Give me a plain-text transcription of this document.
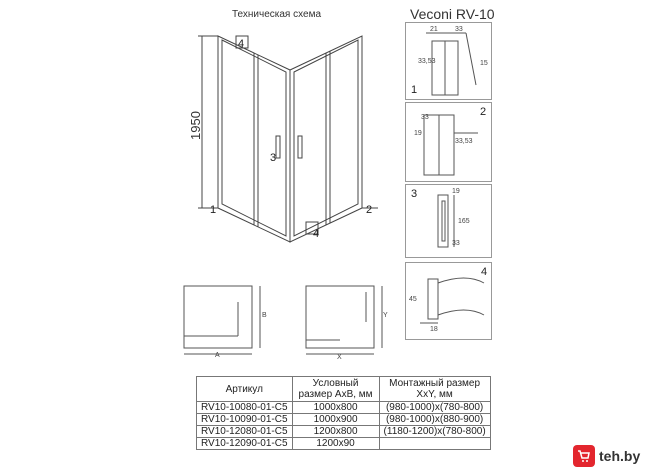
Техническая схема	Veconi RV-10
1950
1	2
3
4
4
21 33
33,53	15
1
33
19
33,53
2
3	19
165
33
4
45
18
A
B
X
Y
Артикул	Условный размер AxB, мм	Монтажный размер XxY, мм
RV10-10080-01-C5	1000x800	(980-1000)x(780-800)
RV10-10090-01-C5	1000x900	(980-1000)x(880-900)
RV10-12080-01-C5	1200x800	(1180-1200)x(780-800)
RV10-12090-01-C5	1200x90	
teh.by
